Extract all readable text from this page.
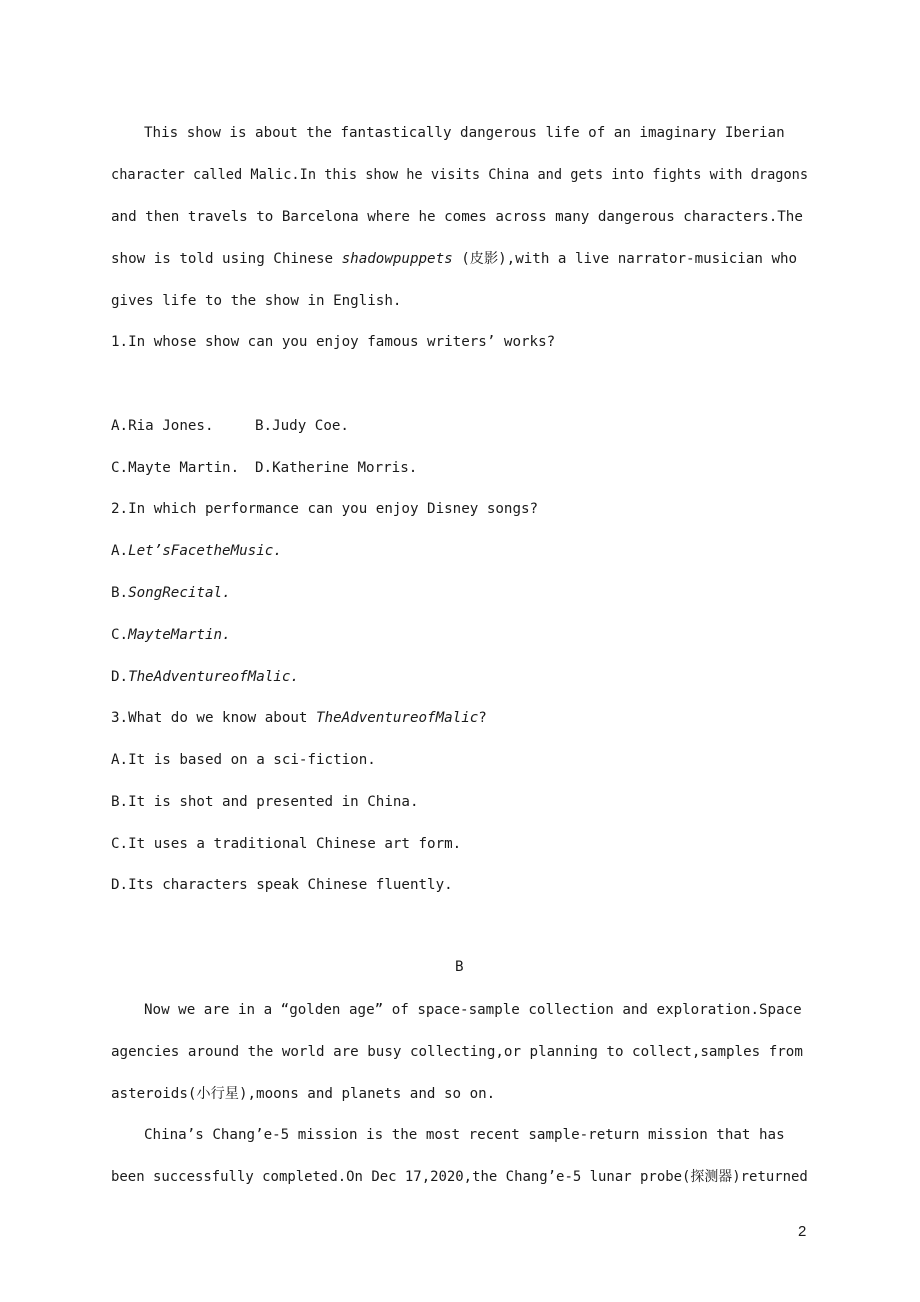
This show is about the fantastically dangerous life of an imaginary Iberian
character called Malic.In this show he visits China and gets into fights with dragons
and then travels to Barcelona where he comes across many dangerous characters.The
show is told using Chinese shadowpuppets (皮影),with a live narrator-musician who
gives life to the show in English.
1.In whose show can you enjoy famous writers’ works?
A.Ria Jones.	B.Judy Coe.
C.Mayte Martin. D.Katherine Morris.
2.In which performance can you enjoy Disney songs?
A.Let’sFacetheMusic.
B.SongRecital.
C.MayteMartin.
D.TheAdventureofMalic.
3.What do we know about TheAdventureofMalic?
A.It is based on a sci-fiction.
B.It is shot and presented in China.
C.It uses a traditional Chinese art form.
D.Its characters speak Chinese fluently.
B
Now we are in a “golden age” of space-sample collection and exploration.Space
agencies around the world are busy collecting,or planning to collect,samples from
asteroids(小行星),moons and planets and so on.
China’s Chang’e-5 mission is the most recent sample-return mission that has
been successfully completed.On Dec 17,2020,the Chang’e-5 lunar probe(探测器)returned
2
